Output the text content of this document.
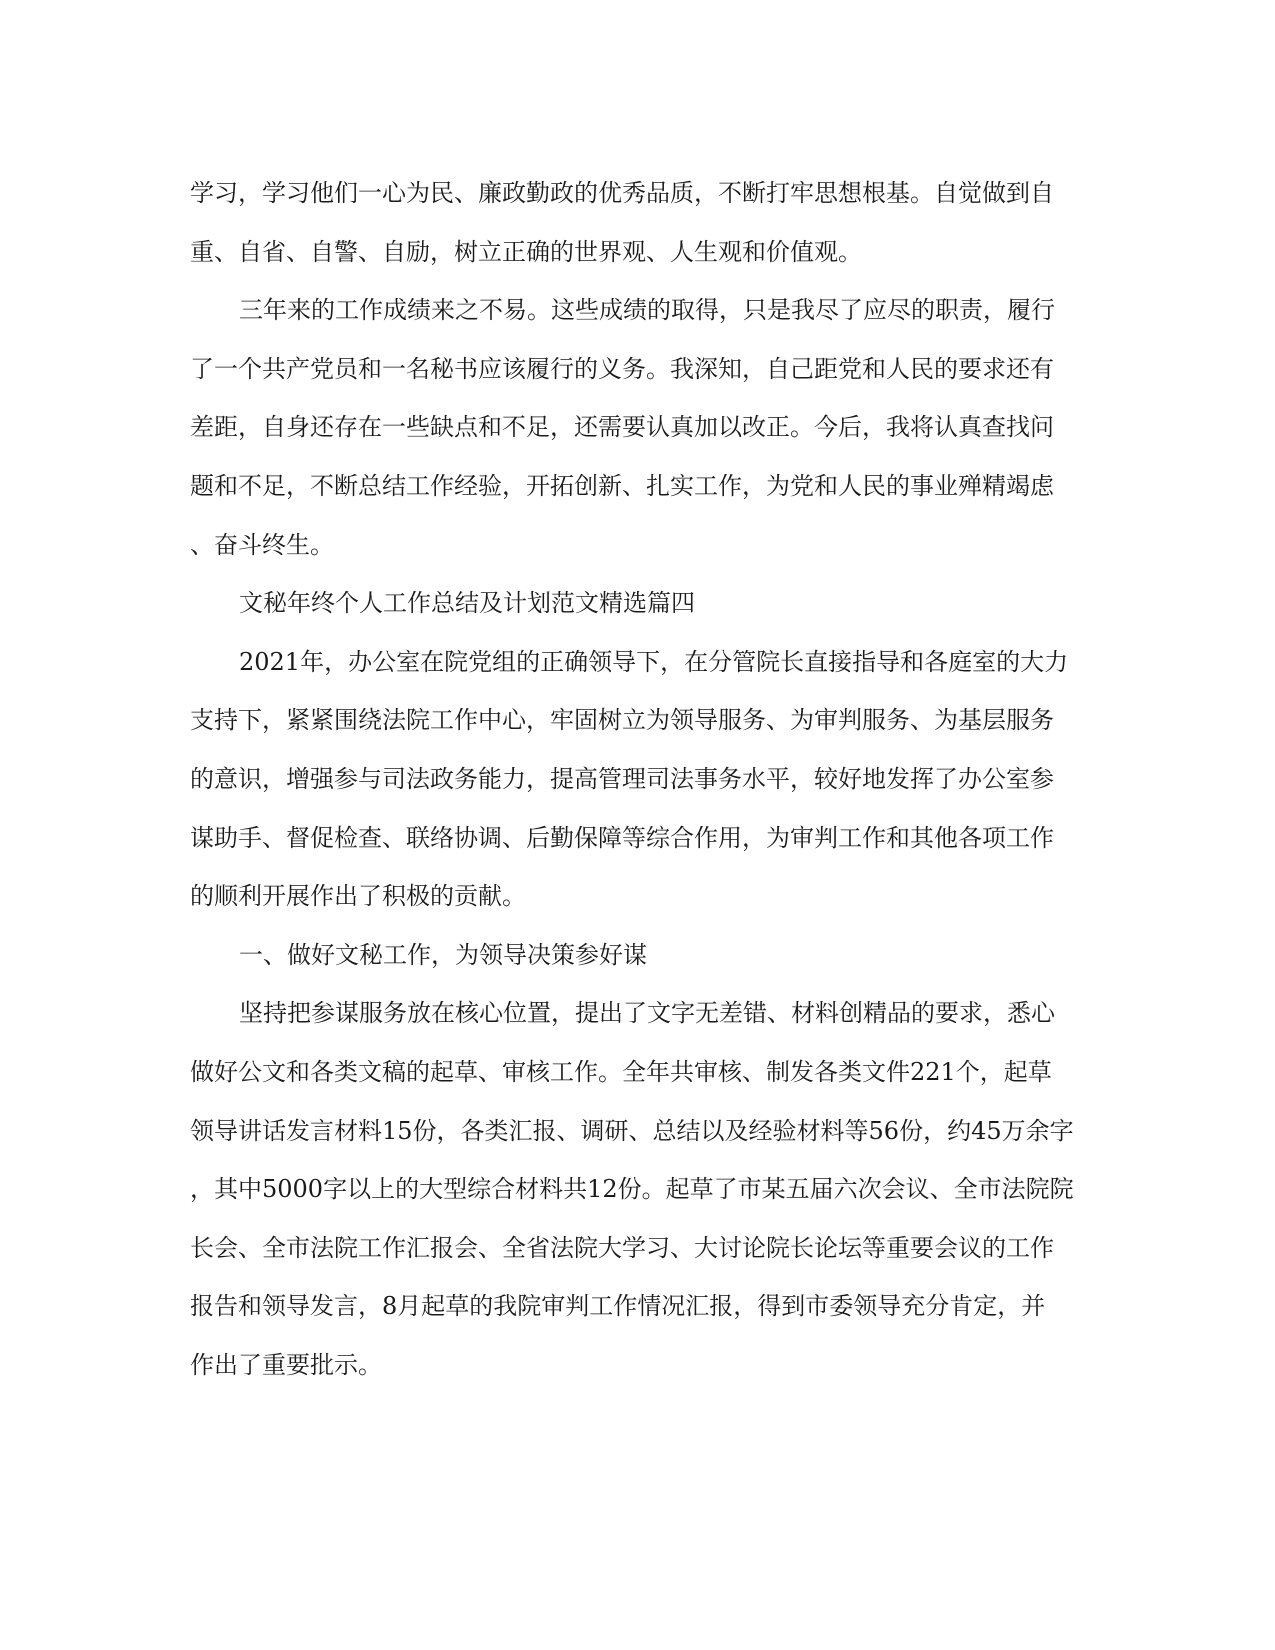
学习，学习他们一心为民、廉政勤政的优秀品质，不断打牢思想根基。自觉做到自
重、自省、自警、自励，树立正确的世界观、人生观和价值观。
三年来的工作成绩来之不易。这些成绩的取得，只是我尽了应尽的职责，履行
了一个共产党员和一名秘书应该履行的义务。我深知，自己距党和人民的要求还有
差距，自身还存在一些缺点和不足，还需要认真加以改正。今后，我将认真查找问
题和不足，不断总结工作经验，开拓创新、扎实工作，为党和人民的事业殚精竭虑
、奋斗终生。
文秘年终个人工作总结及计划范文精选篇四
2021年，办公室在院党组的正确领导下，在分管院长直接指导和各庭室的大力
支持下，紧紧围绕法院工作中心，牢固树立为领导服务、为审判服务、为基层服务
的意识，增强参与司法政务能力，提高管理司法事务水平，较好地发挥了办公室参
谋助手、督促检查、联络协调、后勤保障等综合作用，为审判工作和其他各项工作
的顺利开展作出了积极的贡献。
一、做好文秘工作，为领导决策参好谋
坚持把参谋服务放在核心位置，提出了文字无差错、材料创精品的要求，悉心
做好公文和各类文稿的起草、审核工作。全年共审核、制发各类文件221个，起草
领导讲话发言材料15份，各类汇报、调研、总结以及经验材料等56份，约45万余字
，其中5000字以上的大型综合材料共12份。起草了市某五届六次会议、全市法院院
长会、全市法院工作汇报会、全省法院大学习、大讨论院长论坛等重要会议的工作
报告和领导发言，8月起草的我院审判工作情况汇报，得到市委领导充分肯定，并
作出了重要批示。
